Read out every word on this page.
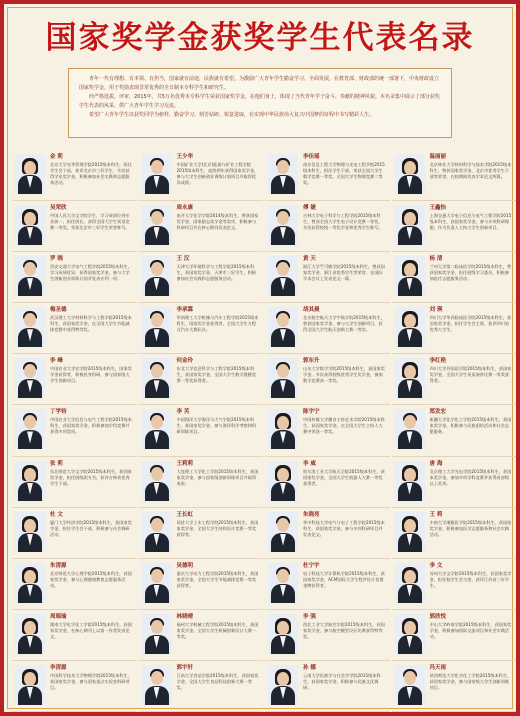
国家奖学金获奖学生代表名录

青年一代有理想、有本领、有担当，国家就有前途，民族就有希望。为激励广大青年学生勤奋学习、全面发展，在教育部、财政部的统一部署下，中央财政设立国家奖学金，用于奖励表现非常优秀的全日制本专科学生和研究生。

经严格选拔，评审，2015年，共5万名优秀本专科学生荣获国家奖学金，在他们身上，体现了当代青年学子奋斗、奉献的精神风貌。本名录集中展示了部分获奖学生代表的风采，供广大青年学生学习交流。

希望广大青年学生以获奖同学为榜样，勤奋学习、刻苦钻研、锐意进取，在实现中华民族伟大复兴中国梦的征程中书写精彩人生。

金 莉
北京大学光华管理学院2015级本科生，担任学生会干部，获评北京市三好学生，多次获得学业奖学金，积极参加社会实践和志愿服务活动。
王少华
中国矿业大学(北京)能源与矿业工程学院2015级本科生，连续两年获得国家奖学金，参与大学生创新创业训练计划项目并取得优异成绩。
李佳瑶
南京信息工程大学物理与光电工程学院2015级本科生，担任学生干部，荣获全国大学生数学竞赛一等奖，全国大学生物理竞赛二等奖。
温丽丽
北京林业大学材料科学与技术学院2015级本科生，曾获国家奖学金、北京市优秀学生干部等荣誉，在校期间发表学术论文两篇。
吴荣欣
中国人民大学文学院学生，学习成绩位列专业前一，担任班长，获得全国大学生英语竞赛一等奖，荣获北京市三好学生荣誉称号。
周永康
南开大学化学学院2014级本科生，曾获国家奖学金、国家励志奖学金等奖项，积极参与科研项目并在核心期刊发表论文。
傅 婕
吉林大学电子科学与工程学院2015级本科生，曾获全国大学生电子设计竞赛一等奖，多次获得校级一等奖学金和优秀学生称号。
王鑫怡
上海交通大学电子信息与电气工程学院2015级本科生，获国家奖学金，参与多项科研课题，作为负责人主持大学生创新项目。
罗 晓
西安交通大学电气工程学院2015级本科生，学习成绩优异，获得国家奖学金，参与大学生创新创业训练计划并发表专利一项。
王 汉
天津大学环境科学与工程学院2015级本科生，获国家奖学金、天津市三好学生，积极参加社会实践和志愿服务活动。
黄 天
浙江大学竺可桢学院2015级本科生，曾获国家奖学金、浙江省优秀学生等荣誉，在国际学术会议上发表论文一篇。
杨 清
兰州大学第二临床医学院2015级本科生，曾获国家奖学金，担任班级学习委员，积极参加医疗志愿服务活动。
梅圣德
武汉理工大学材料科学与工程学院2015级本科生，获国家奖学金，在全国大学生节能减排竞赛中获得特等奖。
李承霖
华南理工大学机械与汽车工程学院2015级本科生，国家奖学金获得者，全国大学生方程式汽车大赛队员。
胡其晨
北京航空航天大学宇航学院2015级本科生，曾获国家奖学金，参与大学生创新项目，获得全国大学生航天创新大赛一等奖。
刘 瑛
四川大学华西临床医学院2015级本科生，获国家奖学金，担任学生会主席，获评四川省优秀大学生。
李 峰
中国农业大学农学院2015级本科生，国家奖学金获得者，积极投身科研，参与国家级大学生创新项目。
何金玲
东北大学信息科学与工程学院2015级本科生，获国家奖学金，全国大学生数学建模竞赛一等奖获得者。
郭东升
山东大学数学学院2015级本科生，获国家奖学金，多次获得校级优秀学生奖学金，参加数学竞赛获一等奖。
李红艳
四川大学外国语学院2015级本科生，获国家奖学金，全国大学生英语演讲比赛一等奖获得者。
丁学钧
中国农业大学信息与电气工程学院2015级本科生，获国家奖学金，积极参加学科竞赛并获得多项奖项。
李 芙
中国海洋大学海洋与大气学院2015级本科生，获国家奖学金，参与海洋科学考察和科研训练项目。
陈宇宁
中国传媒大学播音主持艺术学院2015级本科生，获国家奖学金，在全国大学生主持人大赛中荣获一等奖。
郑发宏
新疆大学化学化工学院2015级本科生，获国家奖学金，积极参与民族团结活动和社会志愿服务。
张 莉
东北师范大学文学院2015级本科生，获国家奖学金，担任班级团支书，获评吉林省优秀学生干部。
王莉莉
大连理工大学化工学院2015级本科生，获国家奖学金，参与国家级创新训练项目并取得成果。
李 威
哈尔滨工业大学航天学院2015级本科生，获国家奖学金，全国大学生机器人大赛一等奖获得者。
唐 海
北京理工大学光电学院2015级本科生，获国家奖学金，参加多项学科竞赛并获得省部级以上奖项。
杜 文
厦门大学经济学院2015级本科生，获国家奖学金，担任学生会干部，积极参与社会调研活动。
王长虹
同济大学土木工程学院2015级本科生，获国家奖学金，全国大学生结构设计竞赛一等奖获得者。
朱晓亮
华中科技大学电气与电子工程学院2015级本科生，获国家奖学金，参与多项科研项目并发表论文。
王 莉
中南大学湘雅医学院2015级本科生，获国家奖学金，积极参加医学志愿服务和社会实践活动。
朱清源
北京师范大学心理学院2015级本科生，获国家奖学金，参与心理健康教育志愿服务活动。
吴德明
重庆大学动力工程学院2015级本科生，获国家奖学金，全国大学生节能减排竞赛一等奖获得者。
杜宁宇
电子科技大学计算机学院2015级本科生，获国家奖学金，ACM国际大学生程序设计竞赛金牌获得者。
李 文
苏州大学文学院2015级本科生，获国家奖学金，担任校学生会主席，获评江苏省三好学生。
周瑞瑜
湖南大学化学化工学院2015级本科生，获国家奖学金，在核心期刊上以第一作者发表论文。
林晓晴
福州大学机械工程学院2015级本科生，获国家奖学金，全国大学生机械创新设计大赛一等奖。
李 强
西北工业大学航空学院2015级本科生，获国家奖学金，参与航空模型设计比赛获得特等奖。
郭欣悦
中山大学岭南学院2015级本科生，获国家奖学金，积极参加国际交流项目和社会实践活动。
李清源
中国科学技术大学物理学院2015级本科生，获国家奖学金，参与国家重点实验室科研项目。
郭宇轩
江南大学食品学院2015级本科生，获国家奖学金，全国大学生食品科技创新大赛一等奖。
孙 娜
云南大学民族学与社会学学院2015级本科生，获国家奖学金，积极参与民族文化调研。
冯天雨
陕西师范大学化学化工学院2015级本科生，获国家奖学金，参与国家级大学生创新训练项目。
